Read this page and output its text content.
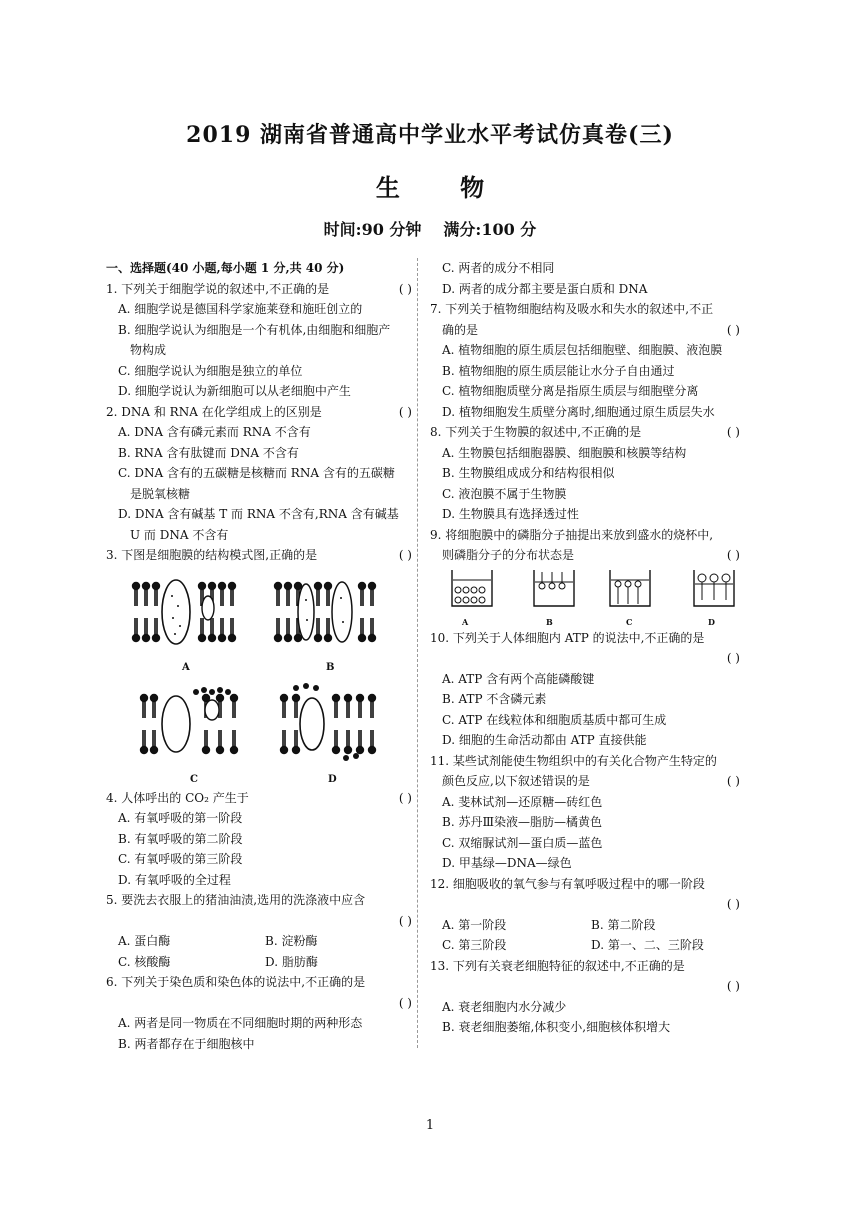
2019 湖南省普通高中学业水平考试仿真卷(三)
生 物
时间:90 分钟 满分:100 分
一、选择题(40 小题,每小题 1 分,共 40 分)
1. 下列关于细胞学说的叙述中,不正确的是	( )
A. 细胞学说是德国科学家施莱登和施旺创立的
B. 细胞学说认为细胞是一个有机体,由细胞和细胞产
物构成
C. 细胞学说认为细胞是独立的单位
D. 细胞学说认为新细胞可以从老细胞中产生
2. DNA 和 RNA 在化学组成上的区别是	( )
A. DNA 含有磷元素而 RNA 不含有
B. RNA 含有肽键而 DNA 不含有
C. DNA 含有的五碳糖是核糖而 RNA 含有的五碳糖
是脱氧核糖
D. DNA 含有碱基 T 而 RNA 不含有,RNA 含有碱基
U 而 DNA 不含有
3. 下图是细胞膜的结构模式图,正确的是	( )
A	B
C	D
4. 人体呼出的 CO₂ 产生于	( )
A. 有氧呼吸的第一阶段
B. 有氧呼吸的第二阶段
C. 有氧呼吸的第三阶段
D. 有氧呼吸的全过程
5. 要洗去衣服上的猪油油渍,选用的洗涤液中应含
( )
A. 蛋白酶	B. 淀粉酶
C. 核酸酶	D. 脂肪酶
6. 下列关于染色质和染色体的说法中,不正确的是
( )
A. 两者是同一物质在不同细胞时期的两种形态
B. 两者都存在于细胞核中
C. 两者的成分不相同
D. 两者的成分都主要是蛋白质和 DNA
7. 下列关于植物细胞结构及吸水和失水的叙述中,不正
确的是	( )
A. 植物细胞的原生质层包括细胞壁、细胞膜、液泡膜
B. 植物细胞的原生质层能让水分子自由通过
C. 植物细胞质壁分离是指原生质层与细胞壁分离
D. 植物细胞发生质壁分离时,细胞通过原生质层失水
8. 下列关于生物膜的叙述中,不正确的是	( )
A. 生物膜包括细胞器膜、细胞膜和核膜等结构
B. 生物膜组成成分和结构很相似
C. 液泡膜不属于生物膜
D. 生物膜具有选择透过性
9. 将细胞膜中的磷脂分子抽提出来放到盛水的烧杯中,
则磷脂分子的分布状态是	( )
A	B	C	D
10. 下列关于人体细胞内 ATP 的说法中,不正确的是
( )
A. ATP 含有两个高能磷酸键
B. ATP 不含磷元素
C. ATP 在线粒体和细胞质基质中都可生成
D. 细胞的生命活动都由 ATP 直接供能
11. 某些试剂能使生物组织中的有关化合物产生特定的
颜色反应,以下叙述错误的是	( )
A. 斐林试剂—还原糖—砖红色
B. 苏丹Ⅲ染液—脂肪—橘黄色
C. 双缩脲试剂—蛋白质—蓝色
D. 甲基绿—DNA—绿色
12. 细胞吸收的氧气参与有氧呼吸过程中的哪一阶段
( )
A. 第一阶段	B. 第二阶段
C. 第三阶段	D. 第一、二、三阶段
13. 下列有关衰老细胞特征的叙述中,不正确的是
( )
A. 衰老细胞内水分减少
B. 衰老细胞萎缩,体积变小,细胞核体积增大
1
